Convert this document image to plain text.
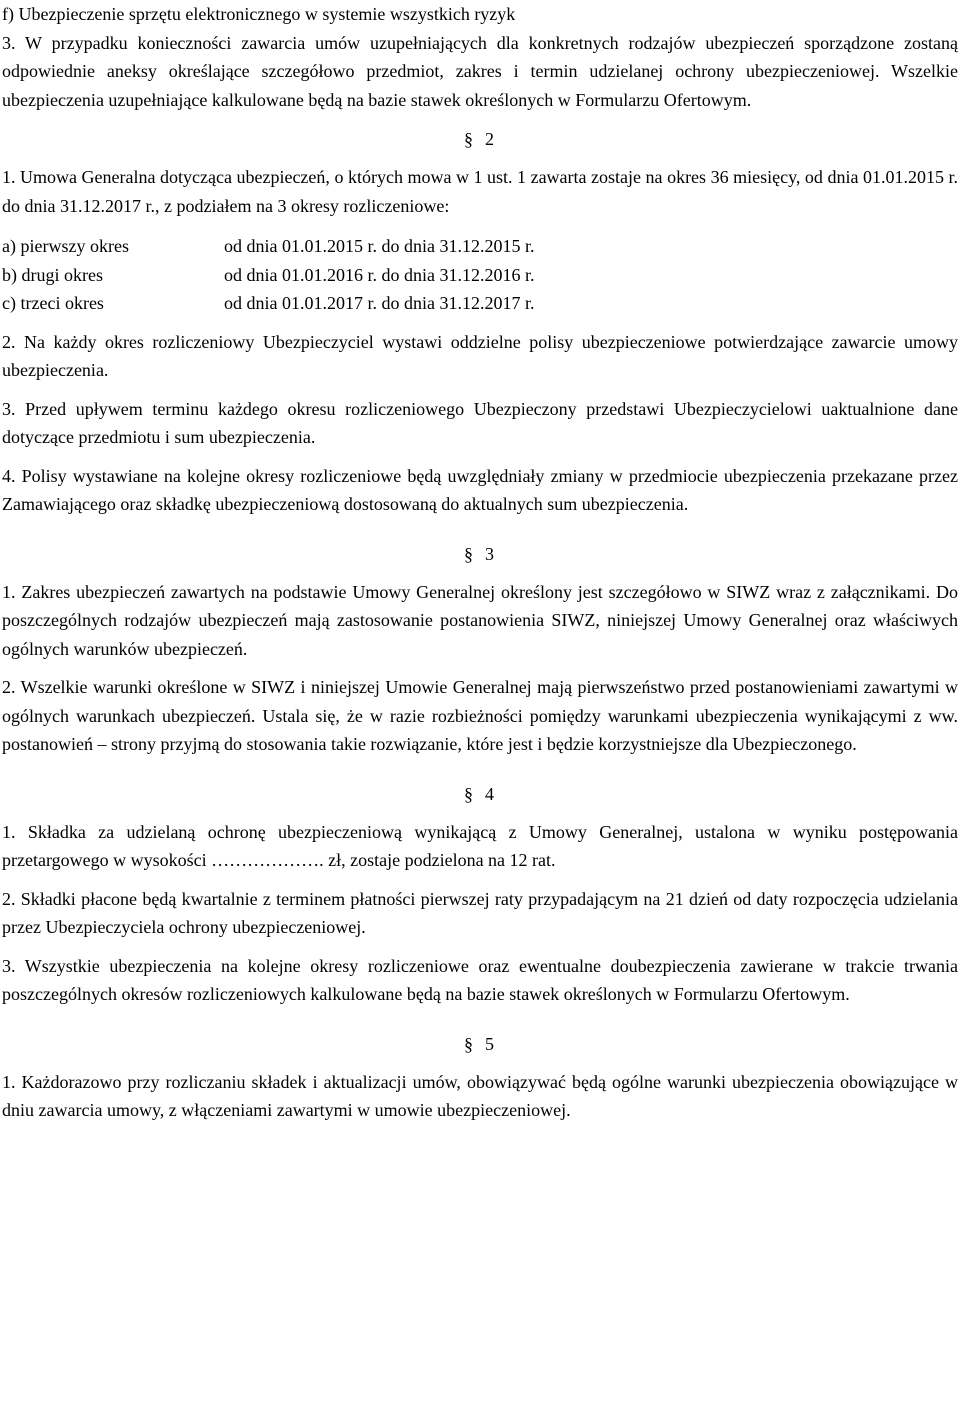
f) Ubezpieczenie sprzętu elektronicznego w systemie wszystkich ryzyk

3. W przypadku konieczności zawarcia umów uzupełniających dla konkretnych rodzajów ubezpieczeń sporządzone zostaną odpowiednie aneksy określające szczegółowo przedmiot, zakres i termin udzielanej ochrony ubezpieczeniowej. Wszelkie ubezpieczenia uzupełniające kalkulowane będą na bazie stawek określonych w Formularzu Ofertowym.

§ 2

1. Umowa Generalna dotycząca ubezpieczeń, o których mowa w 1 ust. 1 zawarta zostaje na okres 36 miesięcy, od dnia 01.01.2015 r. do dnia 31.12.2017 r., z podziałem na 3 okresy rozliczeniowe:

a) pierwszy okres	od dnia 01.01.2015 r. do dnia 31.12.2015 r.
b) drugi okres	od dnia 01.01.2016 r. do dnia 31.12.2016 r.
c) trzeci okres	od dnia 01.01.2017 r. do dnia 31.12.2017 r.

2. Na każdy okres rozliczeniowy Ubezpieczyciel wystawi oddzielne polisy ubezpieczeniowe potwierdzające zawarcie umowy ubezpieczenia.

3. Przed upływem terminu każdego okresu rozliczeniowego Ubezpieczony przedstawi Ubezpieczycielowi uaktualnione dane dotyczące przedmiotu i sum ubezpieczenia.

4. Polisy wystawiane na kolejne okresy rozliczeniowe będą uwzględniały zmiany w przedmiocie ubezpieczenia przekazane przez Zamawiającego oraz składkę ubezpieczeniową dostosowaną do aktualnych sum ubezpieczenia.

§ 3

1. Zakres ubezpieczeń zawartych na podstawie Umowy Generalnej określony jest szczegółowo w SIWZ wraz z załącznikami. Do poszczególnych rodzajów ubezpieczeń mają zastosowanie postanowienia SIWZ, niniejszej Umowy Generalnej oraz właściwych ogólnych warunków ubezpieczeń.

2. Wszelkie warunki określone w SIWZ i niniejszej Umowie Generalnej mają pierwszeństwo przed postanowieniami zawartymi w ogólnych warunkach ubezpieczeń. Ustala się, że w razie rozbieżności pomiędzy warunkami ubezpieczenia wynikającymi z ww. postanowień – strony przyjmą do stosowania takie rozwiązanie, które jest i będzie korzystniejsze dla Ubezpieczonego.

§ 4

1. Składka za udzielaną ochronę ubezpieczeniową wynikającą z Umowy Generalnej, ustalona w wyniku postępowania przetargowego w wysokości ………………. zł, zostaje podzielona na 12 rat.

2. Składki płacone będą kwartalnie z terminem płatności pierwszej raty przypadającym na 21 dzień od daty rozpoczęcia udzielania przez Ubezpieczyciela ochrony ubezpieczeniowej.

3. Wszystkie ubezpieczenia na kolejne okresy rozliczeniowe oraz ewentualne doubezpieczenia zawierane w trakcie trwania poszczególnych okresów rozliczeniowych kalkulowane będą na bazie stawek określonych w Formularzu Ofertowym.

§ 5

1. Każdorazowo przy rozliczaniu składek i aktualizacji umów, obowiązywać będą ogólne warunki ubezpieczenia obowiązujące w dniu zawarcia umowy, z włączeniami zawartymi w umowie ubezpieczeniowej.
